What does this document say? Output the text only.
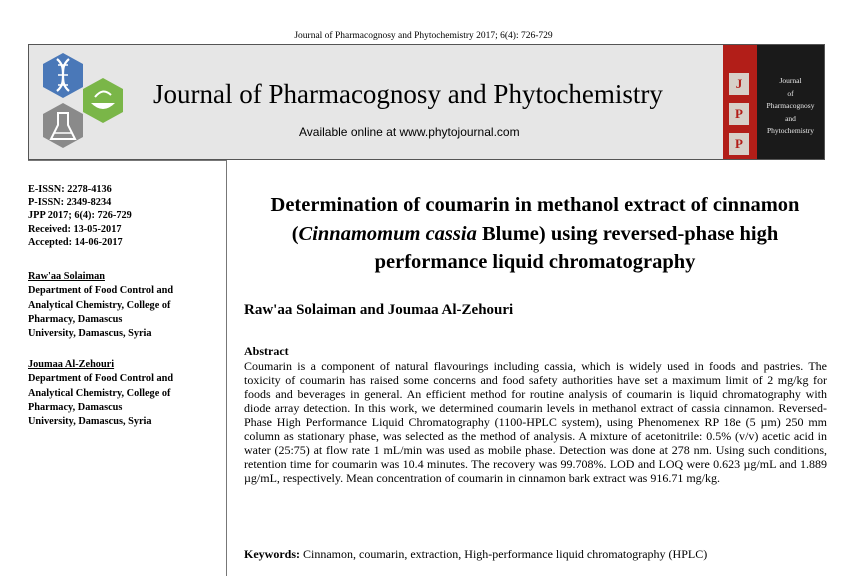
Journal of Pharmacognosy and Phytochemistry 2017; 6(4): 726-729
Journal of Pharmacognosy and Phytochemistry
Available online at www.phytojournal.com
J
P
P
Journal
of
Pharmacognosy
and
Phytochemistry
E-ISSN: 2278-4136
P-ISSN: 2349-8234
JPP 2017; 6(4): 726-729
Received: 13-05-2017
Accepted: 14-06-2017
Raw'aa Solaiman
Department of Food Control and
Analytical Chemistry, College of
Pharmacy, Damascus
University, Damascus, Syria
Joumaa Al-Zehouri
Department of Food Control and
Analytical Chemistry, College of
Pharmacy, Damascus
University, Damascus, Syria
Determination of coumarin in methanol extract of cinnamon (Cinnamomum cassia Blume) using reversed-phase high performance liquid chromatography
Raw'aa Solaiman and Joumaa Al-Zehouri
Abstract
Coumarin is a component of natural flavourings including cassia, which is widely used in foods and pastries. The toxicity of coumarin has raised some concerns and food safety authorities have set a maximum limit of 2 mg/kg for foods and beverages in general. An efficient method for routine analysis of coumarin is liquid chromatography with diode array detection. In this work, we determined coumarin levels in methanol extract of cassia cinnamon. Reversed-Phase High Performance Liquid Chromatography (1100-HPLC system), using Phenomenex RP 18e (5 µm) 250 mm column as stationary phase, was selected as the method of analysis. A mixture of acetonitrile: 0.5% (v/v) acetic acid in water (25:75) at flow rate 1 mL/min was used as mobile phase. Detection was done at 278 nm. Using such conditions, retention time for coumarin was 10.4 minutes. The recovery was 99.708%. LOD and LOQ were 0.623 µg/mL and 1.889 µg/mL, respectively. Mean concentration of coumarin in cinnamon bark extract was 916.71 mg/kg.
Keywords: Cinnamon, coumarin, extraction, High-performance liquid chromatography (HPLC)
